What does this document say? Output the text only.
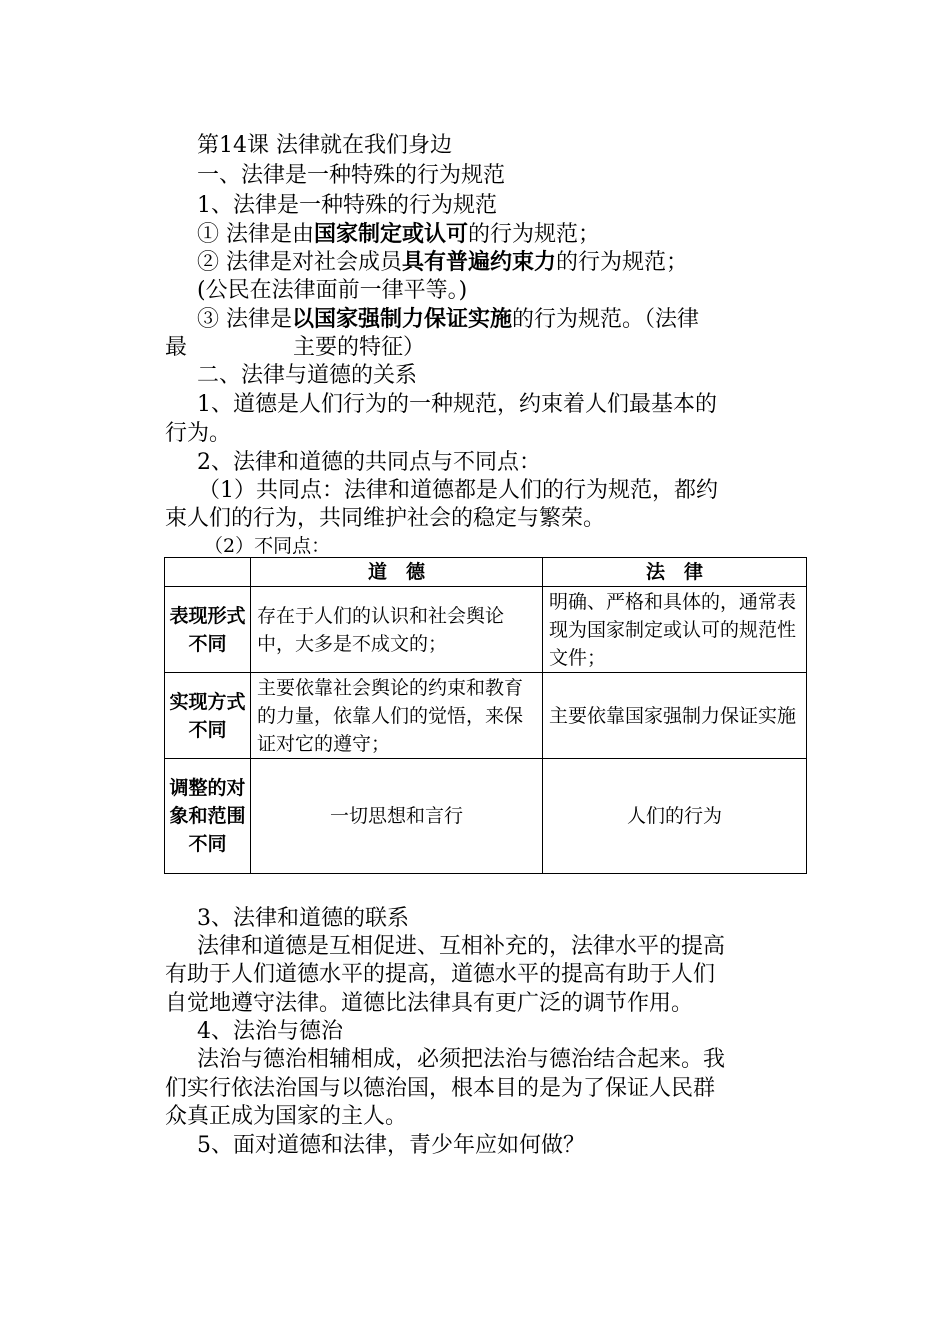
第14课 法律就在我们身边
一、法律是一种特殊的行为规范
1、法律是一种特殊的行为规范
① 法律是由国家制定或认可的行为规范；
② 法律是对社会成员具有普遍约束力的行为规范；
(公民在法律面前一律平等。)
③ 法律是以国家强制力保证实施的行为规范。（法律
最	主要的特征）
二、法律与道德的关系
1、道德是人们行为的一种规范，约束着人们最基本的
行为。
2、法律和道德的共同点与不同点：
（1）共同点：法律和道德都是人们的行为规范，都约
束人们的行为，共同维护社会的稳定与繁荣。
（2）不同点：
	道　德	法　律
表现形式不同	存在于人们的认识和社会舆论中，大多是不成文的；	明确、严格和具体的，通常表现为国家制定或认可的规范性文件；
实现方式不同	主要依靠社会舆论的约束和教育的力量，依靠人们的觉悟，来保证对它的遵守；	主要依靠国家强制力保证实施
调整的对象和范围不同	一切思想和言行	人们的行为
3、法律和道德的联系
法律和道德是互相促进、互相补充的，法律水平的提高
有助于人们道德水平的提高，道德水平的提高有助于人们
自觉地遵守法律。道德比法律具有更广泛的调节作用。
4、法治与德治
法治与德治相辅相成，必须把法治与德治结合起来。我
们实行依法治国与以德治国，根本目的是为了保证人民群
众真正成为国家的主人。
5、面对道德和法律，青少年应如何做？
